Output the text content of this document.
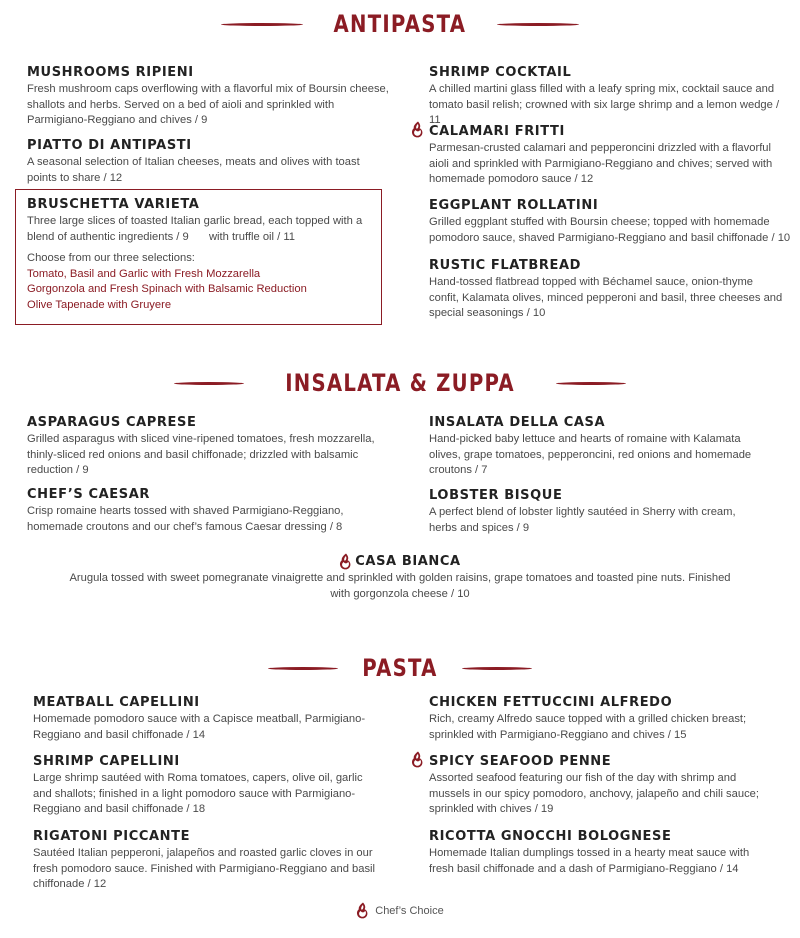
ANTIPASTA
MUSHROOMS RIPIENI
Fresh mushroom caps overflowing with a flavorful mix of Boursin cheese, shallots and herbs. Served on a bed of aioli and sprinkled with Parmigiano-Reggiano and chives / 9
PIATTO DI ANTIPASTI
A seasonal selection of Italian cheeses, meats and olives with toast points to share / 12
BRUSCHETTA VARIETA
Three large slices of toasted Italian garlic bread, each topped with a blend of authentic ingredients / 9 with truffle oil / 11
Choose from our three selections:
Tomato, Basil and Garlic with Fresh Mozzarella
Gorgonzola and Fresh Spinach with Balsamic Reduction
Olive Tapenade with Gruyere
SHRIMP COCKTAIL
A chilled martini glass filled with a leafy spring mix, cocktail sauce and tomato basil relish; crowned with six large shrimp and a lemon wedge / 11
CALAMARI FRITTI
Parmesan-crusted calamari and pepperoncini drizzled with a flavorful aioli and sprinkled with Parmigiano-Reggiano and chives; served with homemade pomodoro sauce / 12
EGGPLANT ROLLATINI
Grilled eggplant stuffed with Boursin cheese; topped with homemade pomodoro sauce, shaved Parmigiano-Reggiano and basil chiffonade / 10
RUSTIC FLATBREAD
Hand-tossed flatbread topped with Béchamel sauce, onion-thyme confit, Kalamata olives, minced pepperoni and basil, three cheeses and special seasonings / 10
INSALATA & ZUPPA
ASPARAGUS CAPRESE
Grilled asparagus with sliced vine-ripened tomatoes, fresh mozzarella, thinly-sliced red onions and basil chiffonade; drizzled with balsamic reduction / 9
CHEF’S CAESAR
Crisp romaine hearts tossed with shaved Parmigiano-Reggiano, homemade croutons and our chef’s famous Caesar dressing / 8
INSALATA DELLA CASA
Hand-picked baby lettuce and hearts of romaine with Kalamata olives, grape tomatoes, pepperoncini, red onions and homemade croutons / 7
LOBSTER BISQUE
A perfect blend of lobster lightly sautéed in Sherry with cream, herbs and spices / 9
CASA BIANCA
Arugula tossed with sweet pomegranate vinaigrette and sprinkled with golden raisins, grape tomatoes and toasted pine nuts. Finished with gorgonzola cheese / 10
PASTA
MEATBALL CAPELLINI
Homemade pomodoro sauce with a Capisce meatball, Parmigiano-Reggiano and basil chiffonade / 14
SHRIMP CAPELLINI
Large shrimp sautéed with Roma tomatoes, capers, olive oil, garlic and shallots; finished in a light pomodoro sauce with Parmigiano-Reggiano and basil chiffonade / 18
RIGATONI PICCANTE
Sautéed Italian pepperoni, jalapeños and roasted garlic cloves in our fresh pomodoro sauce. Finished with Parmigiano-Reggiano and basil chiffonade / 12
CHICKEN FETTUCCINI ALFREDO
Rich, creamy Alfredo sauce topped with a grilled chicken breast; sprinkled with Parmigiano-Reggiano and chives / 15
SPICY SEAFOOD PENNE
Assorted seafood featuring our fish of the day with shrimp and mussels in our spicy pomodoro, anchovy, jalapeño and chili sauce; sprinkled with chives / 19
RICOTTA GNOCCHI BOLOGNESE
Homemade Italian dumplings tossed in a hearty meat sauce with fresh basil chiffonade and a dash of Parmigiano-Reggiano / 14
Chef’s Choice
